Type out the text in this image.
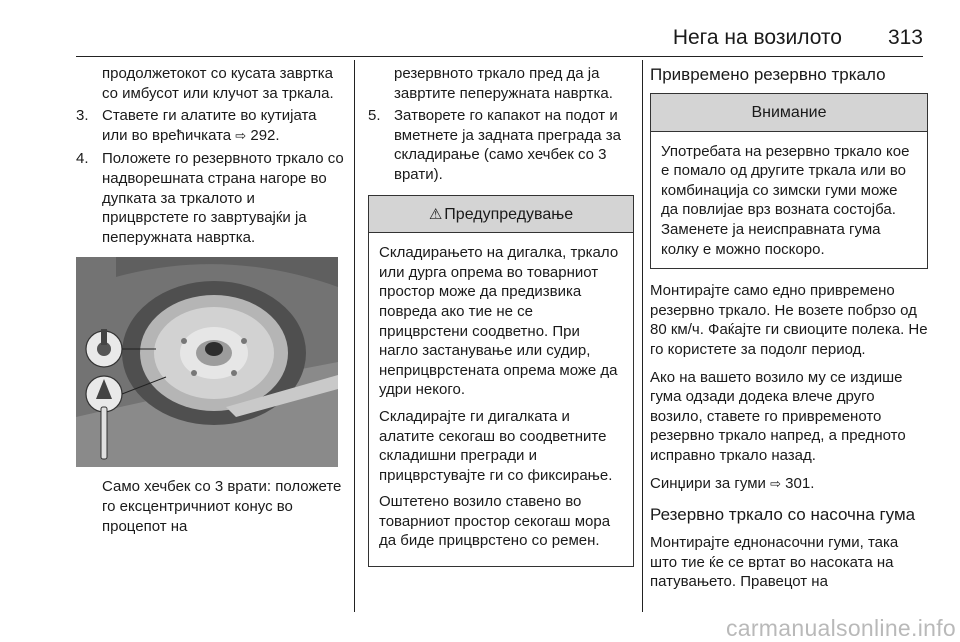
Нега на возилото 313
продолжетокот со кусата завртка со имбусот или клучот за тркала.
3. Ставете ги алатите во кутијата или во врећичката ⇨ 292.
4. Положете го резервното тркало со надворешната страна нагоре во дупката за тркалото и прицврстете го завртувајќи ја пеперужната навртка.
Само хечбек со 3 врати: положете го ексцентричниот конус во процепот на
резервното тркало пред да ја завртите пеперужната навртка.
5. Затворете го капакот на подот и вметнете ја задната преграда за складирање (само хечбек со 3 врати).
⚠ Предупредување

Складирањето на дигалка, тркало или дурга опрема во товарниот простор може да предизвика повреда ако тие не се прицврстени соодветно. При нагло застанување или судир, неприцврстената опрема може да удри некого.

Складирајте ги дигалката и алатите секогаш во соодветните складишни прегради и прицврстувајте ги со фиксирање.

Оштетено возило ставено во товарниот простор секогаш мора да биде прицврстено со ремен.

Привремено резервно тркало
Внимание
Употребата на резервно тркало кое е помало од другите тркала или во комбинација со зимски гуми може да повлијае врз возната состојба. Заменете ја неисправната гума колку е можно поскоро.

Монтирајте само едно привремено резервно тркало. Не возете побрзо од 80 км/ч. Фаќајте ги свиоците полека. Не го користете за подолг период.

Ако на вашето возило му се издише гума одзади додека влече друго возило, ставете го привременото резервно тркало напред, а предното исправно тркало назад.

Синџири за гуми ⇨ 301.

Резервно тркало со насочна гума

Монтирајте еднонасочни гуми, така што тие ќе се вртат во насоката на патувањето. Правецот на

carmanualsonline.info
